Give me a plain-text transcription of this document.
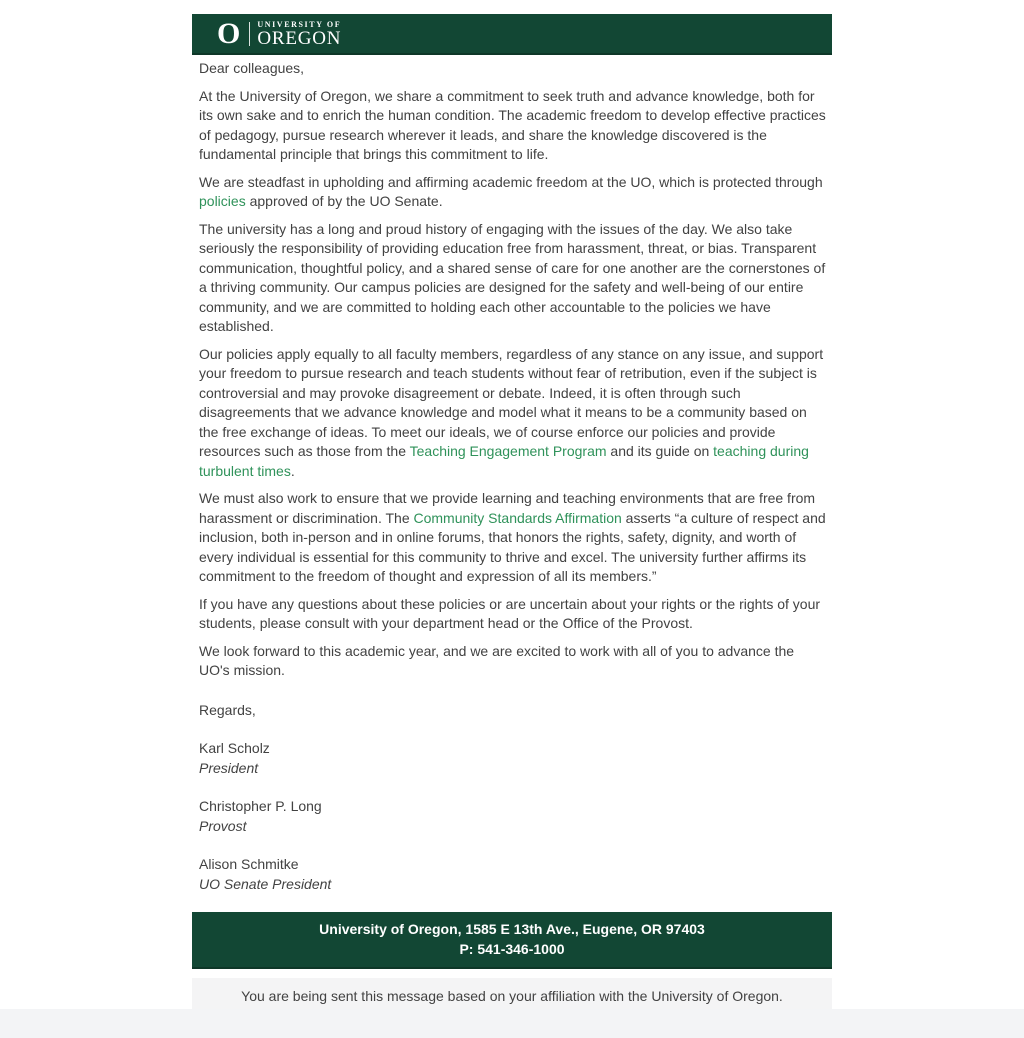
O UNIVERSITY OF
OREGON

Dear colleagues,

At the University of Oregon, we share a commitment to seek truth and advance knowledge, both for its own sake and to enrich the human condition. The academic freedom to develop effective practices of pedagogy, pursue research wherever it leads, and share the knowledge discovered is the fundamental principle that brings this commitment to life.

We are steadfast in upholding and affirming academic freedom at the UO, which is protected through policies approved of by the UO Senate.

The university has a long and proud history of engaging with the issues of the day. We also take seriously the responsibility of providing education free from harassment, threat, or bias. Transparent communication, thoughtful policy, and a shared sense of care for one another are the cornerstones of a thriving community. Our campus policies are designed for the safety and well-being of our entire community, and we are committed to holding each other accountable to the policies we have established.

Our policies apply equally to all faculty members, regardless of any stance on any issue, and support your freedom to pursue research and teach students without fear of retribution, even if the subject is controversial and may provoke disagreement or debate. Indeed, it is often through such disagreements that we advance knowledge and model what it means to be a community based on the free exchange of ideas. To meet our ideals, we of course enforce our policies and provide resources such as those from the Teaching Engagement Program and its guide on teaching during turbulent times.

We must also work to ensure that we provide learning and teaching environments that are free from harassment or discrimination. The Community Standards Affirmation asserts “a culture of respect and inclusion, both in-person and in online forums, that honors the rights, safety, dignity, and worth of every individual is essential for this community to thrive and excel. The university further affirms its commitment to the freedom of thought and expression of all its members.”

If you have any questions about these policies or are uncertain about your rights or the rights of your students, please consult with your department head or the Office of the Provost.

We look forward to this academic year, and we are excited to work with all of you to advance the UO's mission.

Regards,

Karl Scholz
President
Christopher P. Long
Provost
Alison Schmitke
UO Senate President
University of Oregon, 1585 E 13th Ave., Eugene, OR 97403
P: 541-346-1000
You are being sent this message based on your affiliation with the University of Oregon.
